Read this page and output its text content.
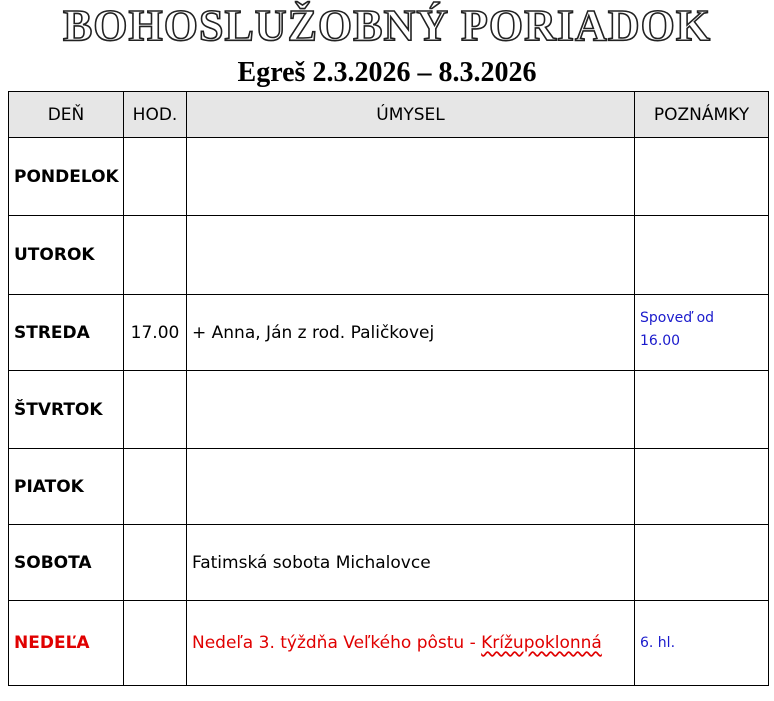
BOHOSLUŽOBNÝ PORIADOK
Egreš 2.3.2026 – 8.3.2026
DEŇ	HOD.	ÚMYSEL	POZNÁMKY
PONDELOK			
UTOROK			
STREDA	17.00	+ Anna, Ján z rod. Paličkovej	Spoveď od
16.00

ŠTVRTOK			
PIATOK			
SOBOTA		Fatimská sobota Michalovce	
NEDEĽA		Nedeľa 3. týždňa Veľkého pôstu - Krížupoklonná	6. hl.
